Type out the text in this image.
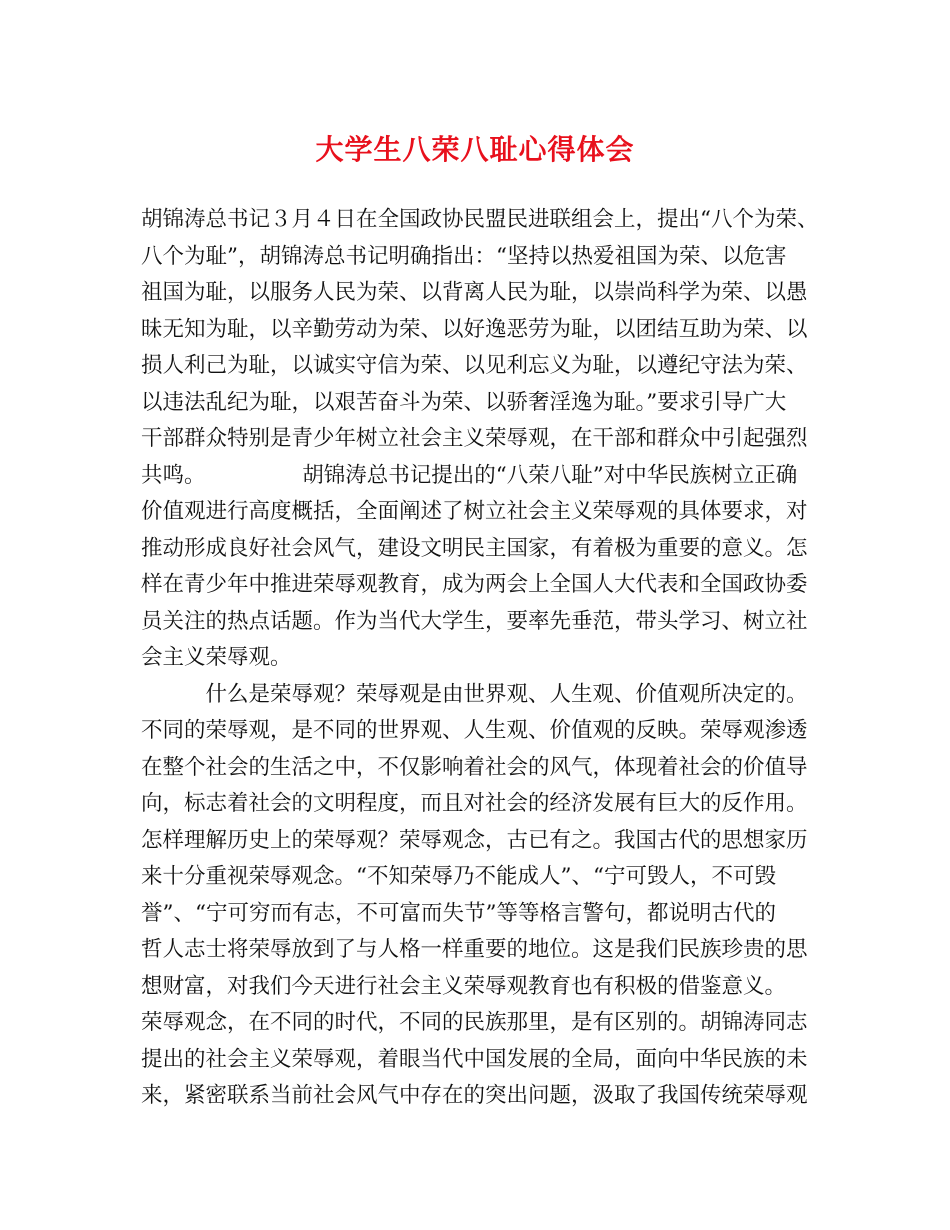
大学生八荣八耻心得体会
胡锦涛总书记３月４日在全国政协民盟民进联组会上，提出“八个为荣、
八个为耻”，胡锦涛总书记明确指出：“坚持以热爱祖国为荣、以危害
祖国为耻，以服务人民为荣、以背离人民为耻，以崇尚科学为荣、以愚
昧无知为耻，以辛勤劳动为荣、以好逸恶劳为耻，以团结互助为荣、以
损人利己为耻，以诚实守信为荣、以见利忘义为耻，以遵纪守法为荣、
以违法乱纪为耻，以艰苦奋斗为荣、以骄奢淫逸为耻。”要求引导广大
干部群众特别是青少年树立社会主义荣辱观，在干部和群众中引起强烈
共鸣。　　　　　胡锦涛总书记提出的“八荣八耻”对中华民族树立正确
价值观进行高度概括，全面阐述了树立社会主义荣辱观的具体要求，对
推动形成良好社会风气，建设文明民主国家，有着极为重要的意义。怎
样在青少年中推进荣辱观教育，成为两会上全国人大代表和全国政协委
员关注的热点话题。作为当代大学生，要率先垂范，带头学习、树立社
会主义荣辱观。
　　　什么是荣辱观？荣辱观是由世界观、人生观、价值观所决定的。
不同的荣辱观，是不同的世界观、人生观、价值观的反映。荣辱观渗透
在整个社会的生活之中，不仅影响着社会的风气，体现着社会的价值导
向，标志着社会的文明程度，而且对社会的经济发展有巨大的反作用。
怎样理解历史上的荣辱观？荣辱观念，古已有之。我国古代的思想家历
来十分重视荣辱观念。“不知荣辱乃不能成人”、“宁可毁人，不可毁
誉”、“宁可穷而有志，不可富而失节”等等格言警句，都说明古代的
哲人志士将荣辱放到了与人格一样重要的地位。这是我们民族珍贵的思
想财富，对我们今天进行社会主义荣辱观教育也有积极的借鉴意义。
荣辱观念，在不同的时代，不同的民族那里，是有区别的。胡锦涛同志
提出的社会主义荣辱观，着眼当代中国发展的全局，面向中华民族的未
来，紧密联系当前社会风气中存在的突出问题，汲取了我国传统荣辱观
